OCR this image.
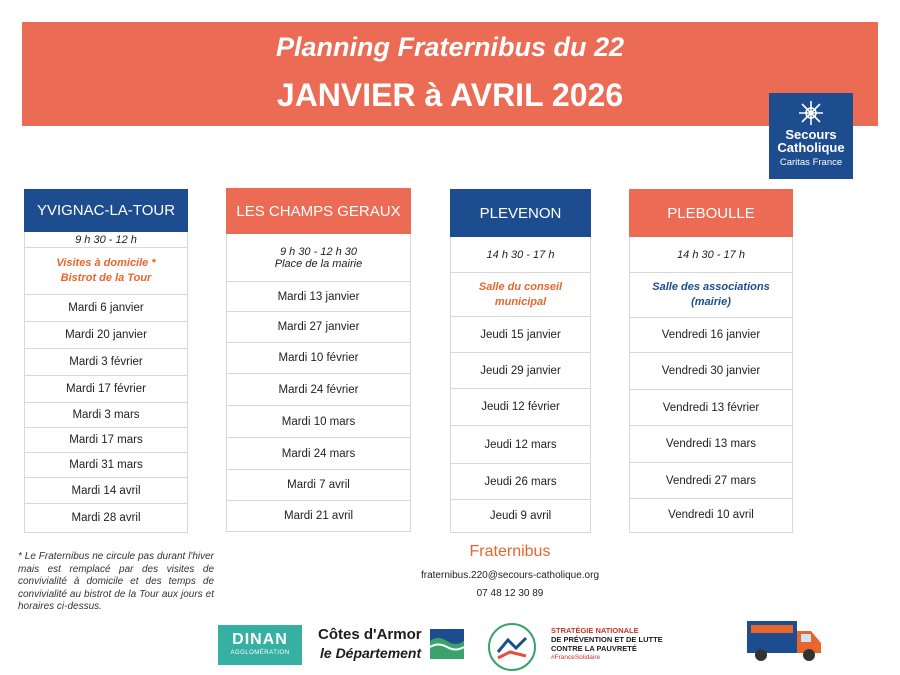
Planning Fraternibus du 22
JANVIER à AVRIL 2026
Secours
Catholique
Caritas France
YVIGNAC-LA-TOUR
9 h 30 - 12 h
Visites à domicile *
Bistrot de la Tour
Mardi 6 janvier
Mardi 20 janvier
Mardi 3 février
Mardi 17 février
Mardi 3 mars
Mardi 17 mars
Mardi 31 mars
Mardi 14 avril
Mardi 28 avril
LES CHAMPS GERAUX
9 h 30 - 12 h 30
Place de la mairie
Mardi 13 janvier
Mardi 27 janvier
Mardi 10 février
Mardi 24 février
Mardi 10 mars
Mardi 24 mars
Mardi 7 avril
Mardi 21 avril
PLEVENON
14 h 30 - 17 h
Salle du conseil
municipal
Jeudi 15 janvier
Jeudi 29 janvier
Jeudi 12 février
Jeudi 12 mars
Jeudi 26 mars
Jeudi 9 avril
PLEBOULLE
14 h 30 - 17 h
Salle des associations
(mairie)
Vendredi 16 janvier
Vendredi 30 janvier
Vendredi 13 février
Vendredi 13 mars
Vendredi 27 mars
Vendredi 10 avril
* Le Fraternibus ne circule pas durant l'hiver mais est remplacé par des visites de convivialité à domicile et des temps de convivialité au bistrot de la Tour aux jours et horaires ci-dessus.
Fraternibus
fraternibus.220@secours-catholique.org
07 48 12 30 89
DINAN
AGGLOMÉRATION
Côtes d'Armor
le Département
STRATÉGIE NATIONALE
DE PRÉVENTION ET DE LUTTE
CONTRE LA PAUVRETÉ
#FranceSolidaire
